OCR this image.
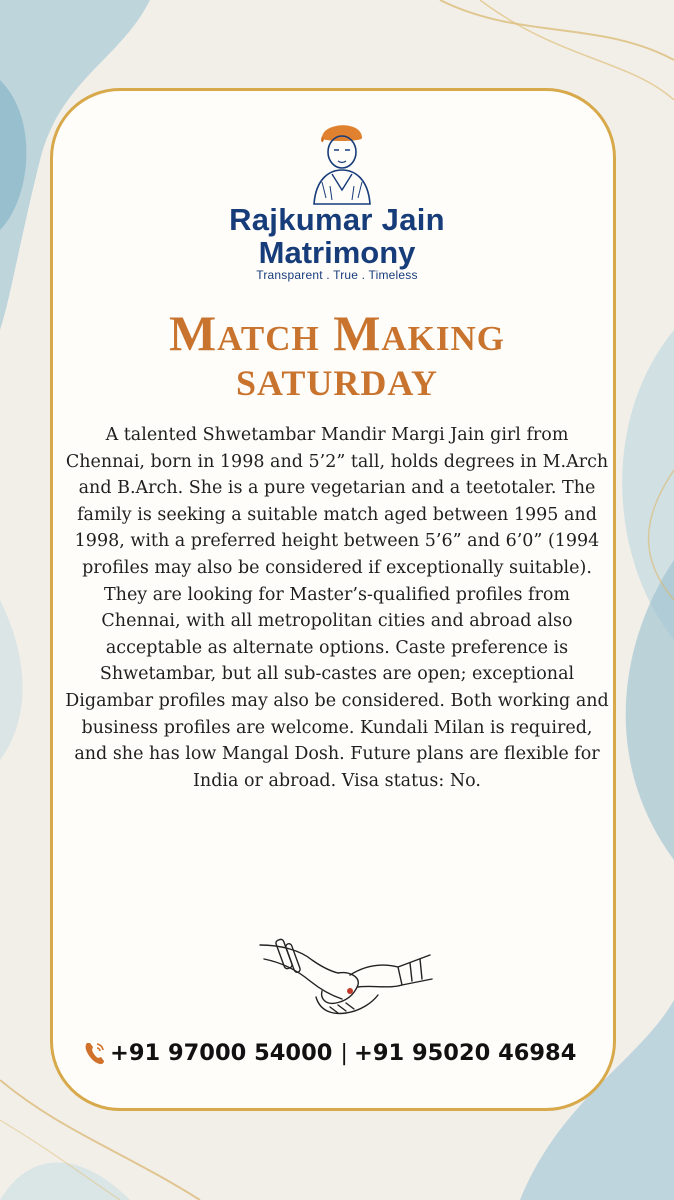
Rajkumar Jain
Matrimony
Transparent . True . Timeless
Match Making
SATURDAY
A talented Shwetambar Mandir Margi Jain girl from Chennai, born in 1998 and 5’2” tall, holds degrees in M.Arch and B.Arch. She is a pure vegetarian and a teetotaler. The family is seeking a suitable match aged between 1995 and 1998, with a preferred height between 5’6” and 6’0” (1994 profiles may also be considered if exceptionally suitable). They are looking for Master’s-qualified profiles from Chennai, with all metropolitan cities and abroad also acceptable as alternate options. Caste preference is Shwetambar, but all sub-castes are open; exceptional Digambar profiles may also be considered. Both working and business profiles are welcome. Kundali Milan is required, and she has low Mangal Dosh. Future plans are flexible for India or abroad. Visa status: No.
+91 97000 54000 | +91 95020 46984
